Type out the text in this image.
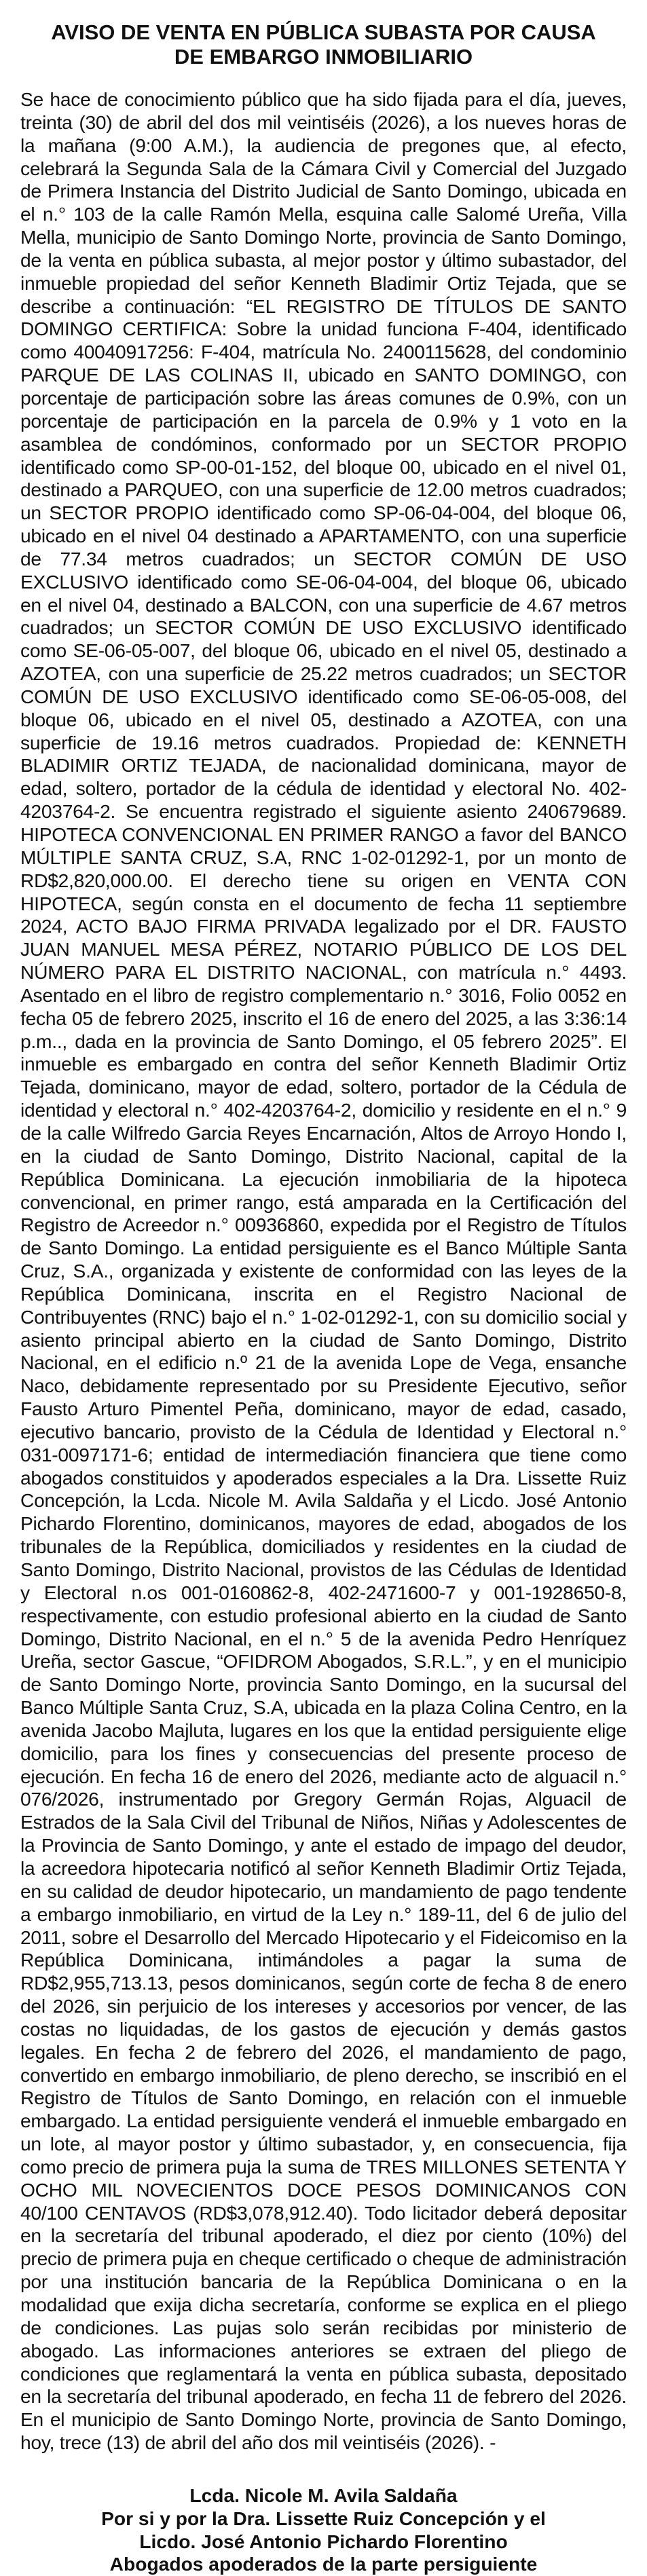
AVISO DE VENTA EN PÚBLICA SUBASTA POR CAUSA
DE EMBARGO INMOBILIARIO

Se hace de conocimiento público que ha sido fijada para el día, jueves, treinta (30) de abril del dos mil veintiséis (2026), a los nueves horas de la mañana (9:00 A.M.), la audiencia de pregones que, al efecto, celebrará la Segunda Sala de la Cámara Civil y Comercial del Juzgado de Primera Instancia del Distrito Judicial de Santo Domingo, ubicada en el n.° 103 de la calle Ramón Mella, esquina calle Salomé Ureña, Villa Mella, municipio de Santo Domingo Norte, provincia de Santo Domingo, de la venta en pública subasta, al mejor postor y último subastador, del inmueble propiedad del señor Kenneth Bladimir Ortiz Tejada, que se describe a continuación: “EL REGISTRO DE TÍTULOS DE SANTO DOMINGO CERTIFICA: Sobre la unidad funciona F-404, identificado como 40040917256: F-404, matrícula No. 2400115628, del condominio PARQUE DE LAS COLINAS II, ubicado en SANTO DOMINGO, con porcentaje de participación sobre las áreas comunes de 0.9%, con un porcentaje de participación en la parcela de 0.9% y 1 voto en la asamblea de condóminos, conformado por un SECTOR PROPIO identificado como SP-00-01-152, del bloque 00, ubicado en el nivel 01, destinado a PARQUEO, con una superficie de 12.00 metros cuadrados; un SECTOR PROPIO identificado como SP-06-04-004, del bloque 06, ubicado en el nivel 04 destinado a APARTAMENTO, con una superficie de 77.34 metros cuadrados; un SECTOR COMÚN DE USO EXCLUSIVO identificado como SE-06-04-004, del bloque 06, ubicado en el nivel 04, destinado a BALCON, con una superficie de 4.67 metros cuadrados; un SECTOR COMÚN DE USO EXCLUSIVO identificado como SE-06-05-007, del bloque 06, ubicado en el nivel 05, destinado a AZOTEA, con una superficie de 25.22 metros cuadrados; un SECTOR COMÚN DE USO EXCLUSIVO identificado como SE-06-05-008, del bloque 06, ubicado en el nivel 05, destinado a AZOTEA, con una superficie de 19.16 metros cuadrados. Propiedad de: KENNETH BLADIMIR ORTIZ TEJADA, de nacionalidad dominicana, mayor de edad, soltero, portador de la cédula de identidad y electoral No. 402-4203764-2. Se encuentra registrado el siguiente asiento 240679689. HIPOTECA CONVENCIONAL EN PRIMER RANGO a favor del BANCO MÚLTIPLE SANTA CRUZ, S.A, RNC 1-02-01292-1, por un monto de RD$2,820,000.00. El derecho tiene su origen en VENTA CON HIPOTECA, según consta en el documento de fecha 11 septiembre 2024, ACTO BAJO FIRMA PRIVADA legalizado por el DR. FAUSTO JUAN MANUEL MESA PÉREZ, NOTARIO PÚBLICO DE LOS DEL NÚMERO PARA EL DISTRITO NACIONAL, con matrícula n.° 4493. Asentado en el libro de registro complementario n.° 3016, Folio 0052 en fecha 05 de febrero 2025, inscrito el 16 de enero del 2025, a las 3:36:14 p.m.., dada en la provincia de Santo Domingo, el 05 febrero 2025”. El inmueble es embargado en contra del señor Kenneth Bladimir Ortiz Tejada, dominicano, mayor de edad, soltero, portador de la Cédula de identidad y electoral n.° 402-4203764-2, domicilio y residente en el n.° 9 de la calle Wilfredo Garcia Reyes Encarnación, Altos de Arroyo Hondo I, en la ciudad de Santo Domingo, Distrito Nacional, capital de la República Dominicana. La ejecución inmobiliaria de la hipoteca convencional, en primer rango, está amparada en la Certificación del Registro de Acreedor n.° 00936860, expedida por el Registro de Títulos de Santo Domingo. La entidad persiguiente es el Banco Múltiple Santa Cruz, S.A., organizada y existente de conformidad con las leyes de la República Dominicana, inscrita en el Registro Nacional de Contribuyentes (RNC) bajo el n.° 1-02-01292-1, con su domicilio social y asiento principal abierto en la ciudad de Santo Domingo, Distrito Nacional, en el edificio n.º 21 de la avenida Lope de Vega, ensanche Naco, debidamente representado por su Presidente Ejecutivo, señor Fausto Arturo Pimentel Peña, dominicano, mayor de edad, casado, ejecutivo bancario, provisto de la Cédula de Identidad y Electoral n.° 031-0097171-6; entidad de intermediación financiera que tiene como abogados constituidos y apoderados especiales a la Dra. Lissette Ruiz Concepción, la Lcda. Nicole M. Avila Saldaña y el Licdo. José Antonio Pichardo Florentino, dominicanos, mayores de edad, abogados de los tribunales de la República, domiciliados y residentes en la ciudad de Santo Domingo, Distrito Nacional, provistos de las Cédulas de Identidad y Electoral n.os 001-0160862-8, 402-2471600-7 y 001-1928650-8, respectivamente, con estudio profesional abierto en la ciudad de Santo Domingo, Distrito Nacional, en el n.° 5 de la avenida Pedro Henríquez Ureña, sector Gascue, “OFIDROM Abogados, S.R.L.”, y en el municipio de Santo Domingo Norte, provincia Santo Domingo, en la sucursal del Banco Múltiple Santa Cruz, S.A, ubicada en la plaza Colina Centro, en la avenida Jacobo Majluta, lugares en los que la entidad persiguiente elige domicilio, para los fines y consecuencias del presente proceso de ejecución. En fecha 16 de enero del 2026, mediante acto de alguacil n.° 076/2026, instrumentado por Gregory Germán Rojas, Alguacil de Estrados de la Sala Civil del Tribunal de Niños, Niñas y Adolescentes de la Provincia de Santo Domingo, y ante el estado de impago del deudor, la acreedora hipotecaria notificó al señor Kenneth Bladimir Ortiz Tejada, en su calidad de deudor hipotecario, un mandamiento de pago tendente a embargo inmobiliario, en virtud de la Ley n.° 189-11, del 6 de julio del 2011, sobre el Desarrollo del Mercado Hipotecario y el Fideicomiso en la República Dominicana, intimándoles a pagar la suma de RD$2,955,713.13, pesos dominicanos, según corte de fecha 8 de enero del 2026, sin perjuicio de los intereses y accesorios por vencer, de las costas no liquidadas, de los gastos de ejecución y demás gastos legales. En fecha 2 de febrero del 2026, el mandamiento de pago, convertido en embargo inmobiliario, de pleno derecho, se inscribió en el Registro de Títulos de Santo Domingo, en relación con el inmueble embargado. La entidad persiguiente venderá el inmueble embargado en un lote, al mayor postor y último subastador, y, en consecuencia, fija como precio de primera puja la suma de TRES MILLONES SETENTA Y OCHO MIL NOVECIENTOS DOCE PESOS DOMINICANOS CON 40/100 CENTAVOS (RD$3,078,912.40). Todo licitador deberá depositar en la secretaría del tribunal apoderado, el diez por ciento (10%) del precio de primera puja en cheque certificado o cheque de administración por una institución bancaria de la República Dominicana o en la modalidad que exija dicha secretaría, conforme se explica en el pliego de condiciones. Las pujas solo serán recibidas por ministerio de abogado. Las informaciones anteriores se extraen del pliego de condiciones que reglamentará la venta en pública subasta, depositado en la secretaría del tribunal apoderado, en fecha 11 de febrero del 2026. En el municipio de Santo Domingo Norte, provincia de Santo Domingo, hoy, trece (13) de abril del año dos mil veintiséis (2026). -

Lcda. Nicole M. Avila Saldaña
Por si y por la Dra. Lissette Ruiz Concepción y el
Licdo. José Antonio Pichardo Florentino
Abogados apoderados de la parte persiguiente
